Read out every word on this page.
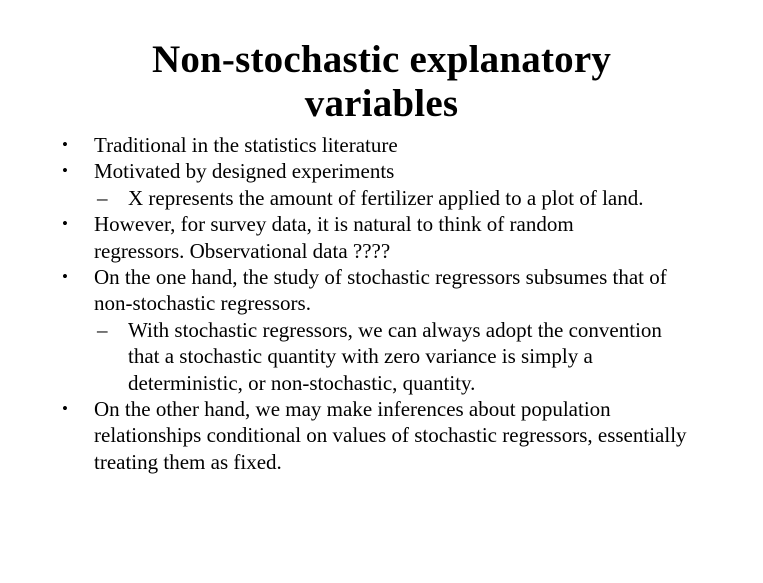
Non-stochastic explanatory
variables
• Traditional in the statistics literature
• Motivated by designed experiments
– X represents the amount of fertilizer applied to a plot of land.
• However, for survey data, it is natural to think of random regressors. Observational data ????
• On the one hand, the study of stochastic regressors subsumes that of non-stochastic regressors.
– With stochastic regressors, we can always adopt the convention that a stochastic quantity with zero variance is simply a deterministic, or non-stochastic, quantity.
• On the other hand, we may make inferences about population relationships conditional on values of stochastic regressors, essentially treating them as fixed.
